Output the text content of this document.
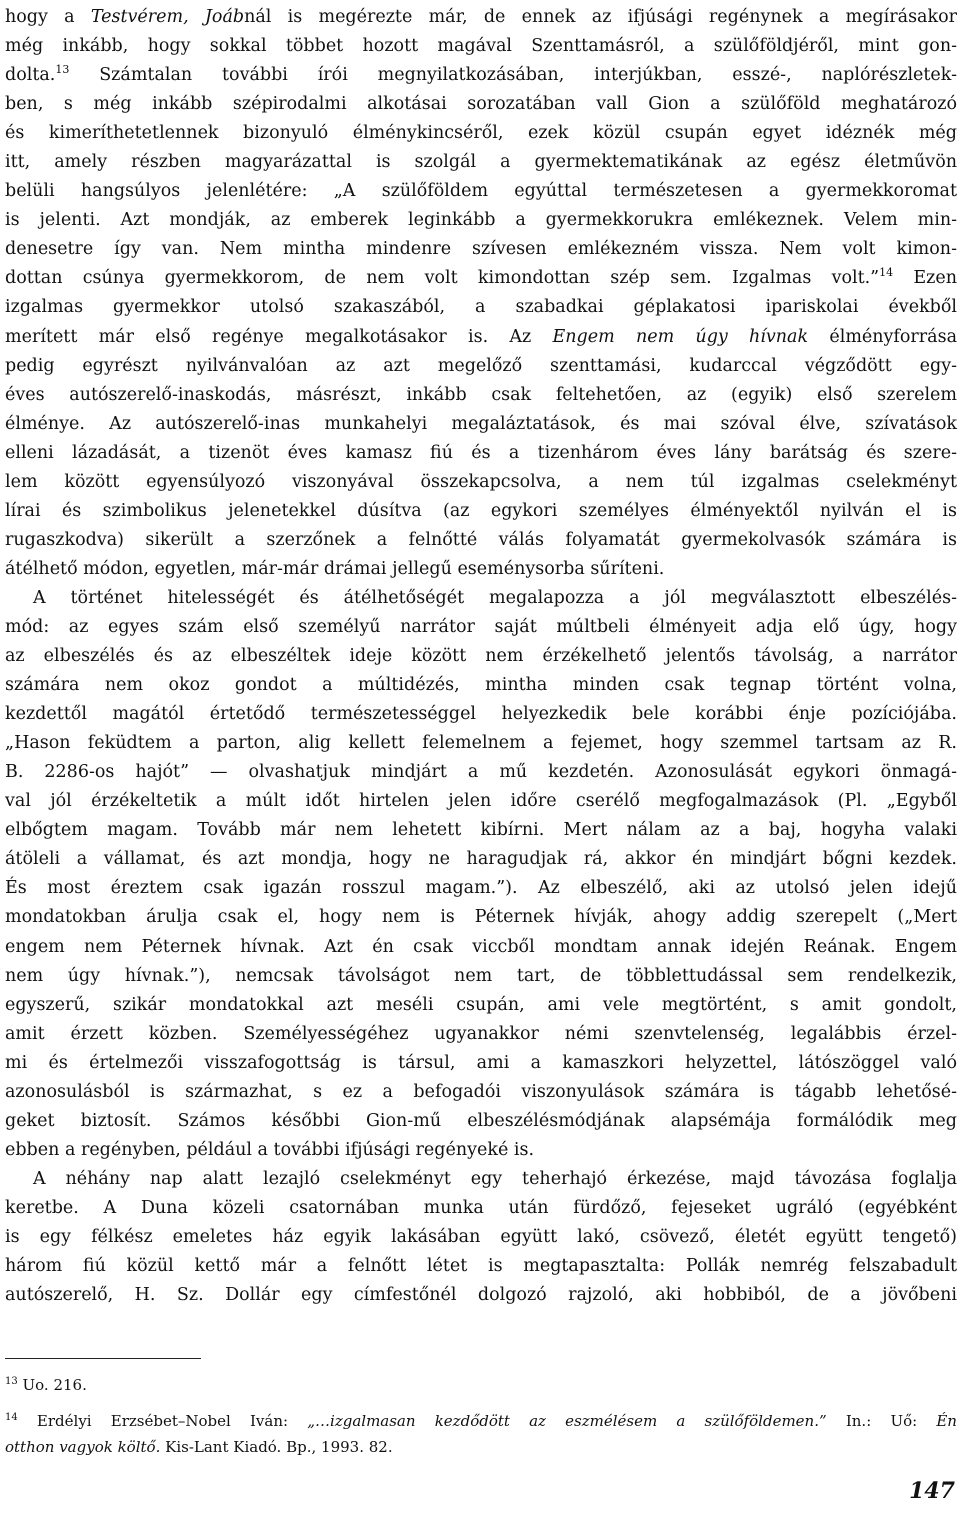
hogy a Testvérem, Joábnál is megérezte már, de ennek az ifjúsági regénynek a megírásakor
még inkább, hogy sokkal többet hozott magával Szenttamásról, a szülőföldjéről, mint gon-
dolta.$^{13}$ Számtalan további írói megnyilatkozásában, interjúkban, esszé-, naplórészletek-
ben, s még inkább szépirodalmi alkotásai sorozatában vall Gion a szülőföld meghatározó
és kimeríthetetlennek bizonyuló élménykincséről, ezek közül csupán egyet idéznék még
itt, amely részben magyarázattal is szolgál a gyermektematikának az egész életművön
belüli hangsúlyos jelenlétére: „A szülőföldem egyúttal természetesen a gyermekkoromat
is jelenti. Azt mondják, az emberek leginkább a gyermekkorukra emlékeznek. Velem min-
denesetre így van. Nem mintha mindenre szívesen emlékezném vissza. Nem volt kimon-
dottan csúnya gyermekkorom, de nem volt kimondottan szép sem. Izgalmas volt.”$^{14}$ Ezen
izgalmas gyermekkor utolsó szakaszából, a szabadkai géplakatosi ipariskolai évekből
merített már első regénye megalkotásakor is. Az Engem nem úgy hívnak élményforrása
pedig egyrészt nyilvánvalóan az azt megelőző szenttamási, kudarccal végződött egy-
éves autószerelő-inaskodás, másrészt, inkább csak feltehetően, az (egyik) első szerelem
élménye. Az autószerelő-inas munkahelyi megaláztatások, és mai szóval élve, szívatások
elleni lázadását, a tizenöt éves kamasz fiú és a tizenhárom éves lány barátság és szere-
lem között egyensúlyozó viszonyával összekapcsolva, a nem túl izgalmas cselekményt
lírai és szimbolikus jelenetekkel dúsítva (az egykori személyes élményektől nyilván el is
rugaszkodva) sikerült a szerzőnek a felnőtté válás folyamatát gyermekolvasók számára is
átélhető módon, egyetlen, már-már drámai jellegű eseménysorba sűríteni.
A történet hitelességét és átélhetőségét megalapozza a jól megválasztott elbeszélés-
mód: az egyes szám első személyű narrátor saját múltbeli élményeit adja elő úgy, hogy
az elbeszélés és az elbeszéltek ideje között nem érzékelhető jelentős távolság, a narrátor
számára nem okoz gondot a múltidézés, mintha minden csak tegnap történt volna,
kezdettől magától értetődő természetességgel helyezkedik bele korábbi énje pozíciójába.
„Hason feküdtem a parton, alig kellett felemelnem a fejemet, hogy szemmel tartsam az R.
B. 2286-os hajót” — olvashatjuk mindjárt a mű kezdetén. Azonosulását egykori önmagá-
val jól érzékeltetik a múlt időt hirtelen jelen időre cserélő megfogalmazások (Pl. „Egyből
elbőgtem magam. Tovább már nem lehetett kibírni. Mert nálam az a baj, hogyha valaki
átöleli a vállamat, és azt mondja, hogy ne haragudjak rá, akkor én mindjárt bőgni kezdek.
És most éreztem csak igazán rosszul magam.”). Az elbeszélő, aki az utolsó jelen idejű
mondatokban árulja csak el, hogy nem is Péternek hívják, ahogy addig szerepelt („Mert
engem nem Péternek hívnak. Azt én csak viccből mondtam annak idején Reának. Engem
nem úgy hívnak.”), nemcsak távolságot nem tart, de többlettudással sem rendelkezik,
egyszerű, szikár mondatokkal azt meséli csupán, ami vele megtörtént, s amit gondolt,
amit érzett közben. Személyességéhez ugyanakkor némi szenvtelenség, legalábbis érzel-
mi és értelmezői visszafogottság is társul, ami a kamaszkori helyzettel, látószöggel való
azonosulásból is származhat, s ez a befogadói viszonyulások számára is tágabb lehetősé-
geket biztosít. Számos későbbi Gion-mű elbeszélésmódjának alapsémája formálódik meg
ebben a regényben, például a további ifjúsági regényeké is.
A néhány nap alatt lezajló cselekményt egy teherhajó érkezése, majd távozása foglalja
keretbe. A Duna közeli csatornában munka után fürdőző, fejeseket ugráló (egyébként
is egy félkész emeletes ház egyik lakásában együtt lakó, csövező, életét együtt tengető)
három fiú közül kettő már a felnőtt létet is megtapasztalta: Pollák nemrég felszabadult
autószerelő, H. Sz. Dollár egy címfestőnél dolgozó rajzoló, aki hobbiból, de a jövőbeni
$^{13}$ Uo. 216.
$^{14}$ Erdélyi Erzsébet–Nobel Iván: „…izgalmasan kezdődött az eszmélésem a szülőföldemen.” In.: Uő: Én
otthon vagyok költő. Kis-Lant Kiadó. Bp., 1993. 82.
147
